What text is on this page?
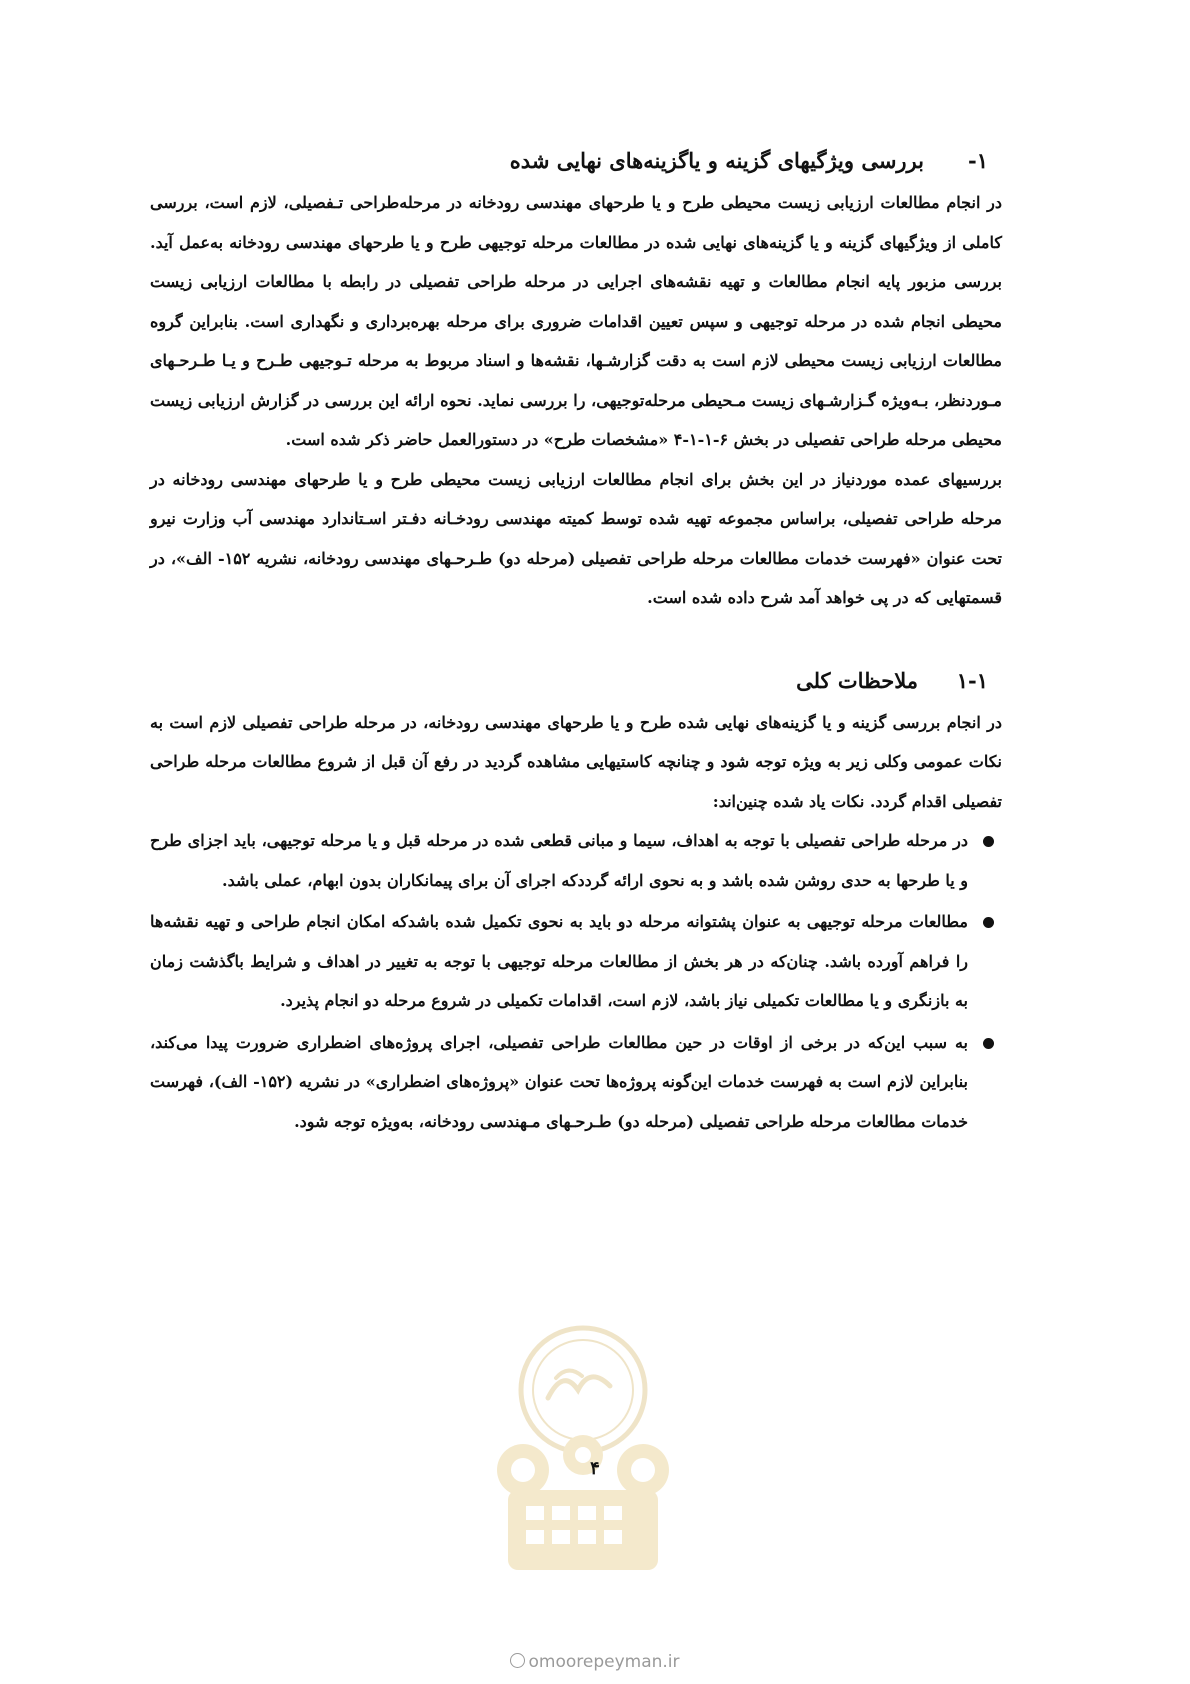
۱-
بررسی ویژگیهای گزینه و یاگزینه‌های نهایی شده

در انجام مطالعات ارزیابی زیست محیطی طرح و یا طرحهای مهندسی رودخانه در مرحله‌طراحی تـفصیلی، لازم است، بررسی کاملی از ویژگیهای گزینه و یا گزینه‌های نهایی شده در مطالعات مرحله توجیهی طرح و یا طرحهای مهندسی رودخانه به‌عمل آید. بررسی مزبور پایه انجام مطالعات و تهیه نقشه‌های اجرایی در مرحله طراحی تفصیلی در رابطه با مطالعات ارزیابی زیست محیطی انجام شده در مرحله توجیهی و سپس تعیین اقدامات ضروری برای مرحله بهره‌برداری و نگهداری است. بنابراین گروه مطالعات ارزیابی زیست محیطی لازم است به دقت گزارشـها، نقشه‌ها و اسناد مربوط به مرحله تـوجیهی طـرح و یـا طـرحـهای مـوردنظر، بـه‌ویژه گـزارشـهای زیست مـحیطی مرحله‌توجیهی، را بررسی نماید. نحوه ارائه این بررسی در گزارش ارزیابی زیست محیطی مرحله طراحی تفصیلی در بخش ۶-۱-۱-۴ «مشخصات طرح» در دستورالعمل حاضر ذکر شده است.

بررسیهای عمده موردنیاز در این بخش برای انجام مطالعات ارزیابی زیست محیطی طرح و یا طرحهای مهندسی رودخانه در مرحله طراحی تفصیلی، براساس مجموعه تهیه شده توسط کمیته مهندسی رودخـانه دفـتر اسـتاندارد مهندسی آب وزارت نیرو تحت عنوان «فهرست خدمات مطالعات مرحله طراحی تفصیلی (مرحله دو) طـرحـهای مهندسی رودخانه، نشریه ۱۵۲- الف»، در قسمتهایی که در پی خواهد آمد شرح داده شده است.

۱-۱
ملاحظات کلی

در انجام بررسی گزینه و یا گزینه‌های نهایی شده طرح و یا طرحهای مهندسی رودخانه، در مرحله طراحی تفصیلی لازم است به نکات عمومی وکلی زیر به ویژه توجه شود و چنانچه کاستیهایی مشاهده گردید در رفع آن قبل از شروع مطالعات مرحله طراحی تفصیلی اقدام گردد. نکات یاد شده چنین‌اند:

در مرحله طراحی تفصیلی با توجه به اهداف، سیما و مبانی قطعی شده در مرحله قبل و یا مرحله توجیهی، باید اجزای طرح و یا طرحها به حدی روشن شده باشد و به نحوی ارائه گرددکه اجرای آن برای پیمانکاران بدون ابهام، عملی باشد.
مطالعات مرحله توجیهی به عنوان پشتوانه مرحله دو باید به نحوی تکمیل شده باشدکه امکان انجام طراحی و تهیه نقشه‌ها را فراهم آورده باشد. چنان‌که در هر بخش از مطالعات مرحله توجیهی با توجه به تغییر در اهداف و شرایط باگذشت زمان به بازنگری و یا مطالعات تکمیلی نیاز باشد، لازم است، اقدامات تکمیلی در شروع مرحله دو انجام پذیرد.
به سبب این‌که در برخی از اوقات در حین مطالعات طراحی تفصیلی، اجرای پروژه‌های اضطراری ضرورت پیدا می‌کند، بنابراین لازم است به فهرست خدمات این‌گونه پروژه‌ها تحت عنوان «پروژه‌های اضطراری» در نشریه (۱۵۲- الف)، فهرست خدمات مطالعات مرحله طراحی تفصیلی (مرحله دو) طـرحـهای مـهندسی رودخانه، به‌ویژه توجه شود.
۴
omoorepeyman.ir
